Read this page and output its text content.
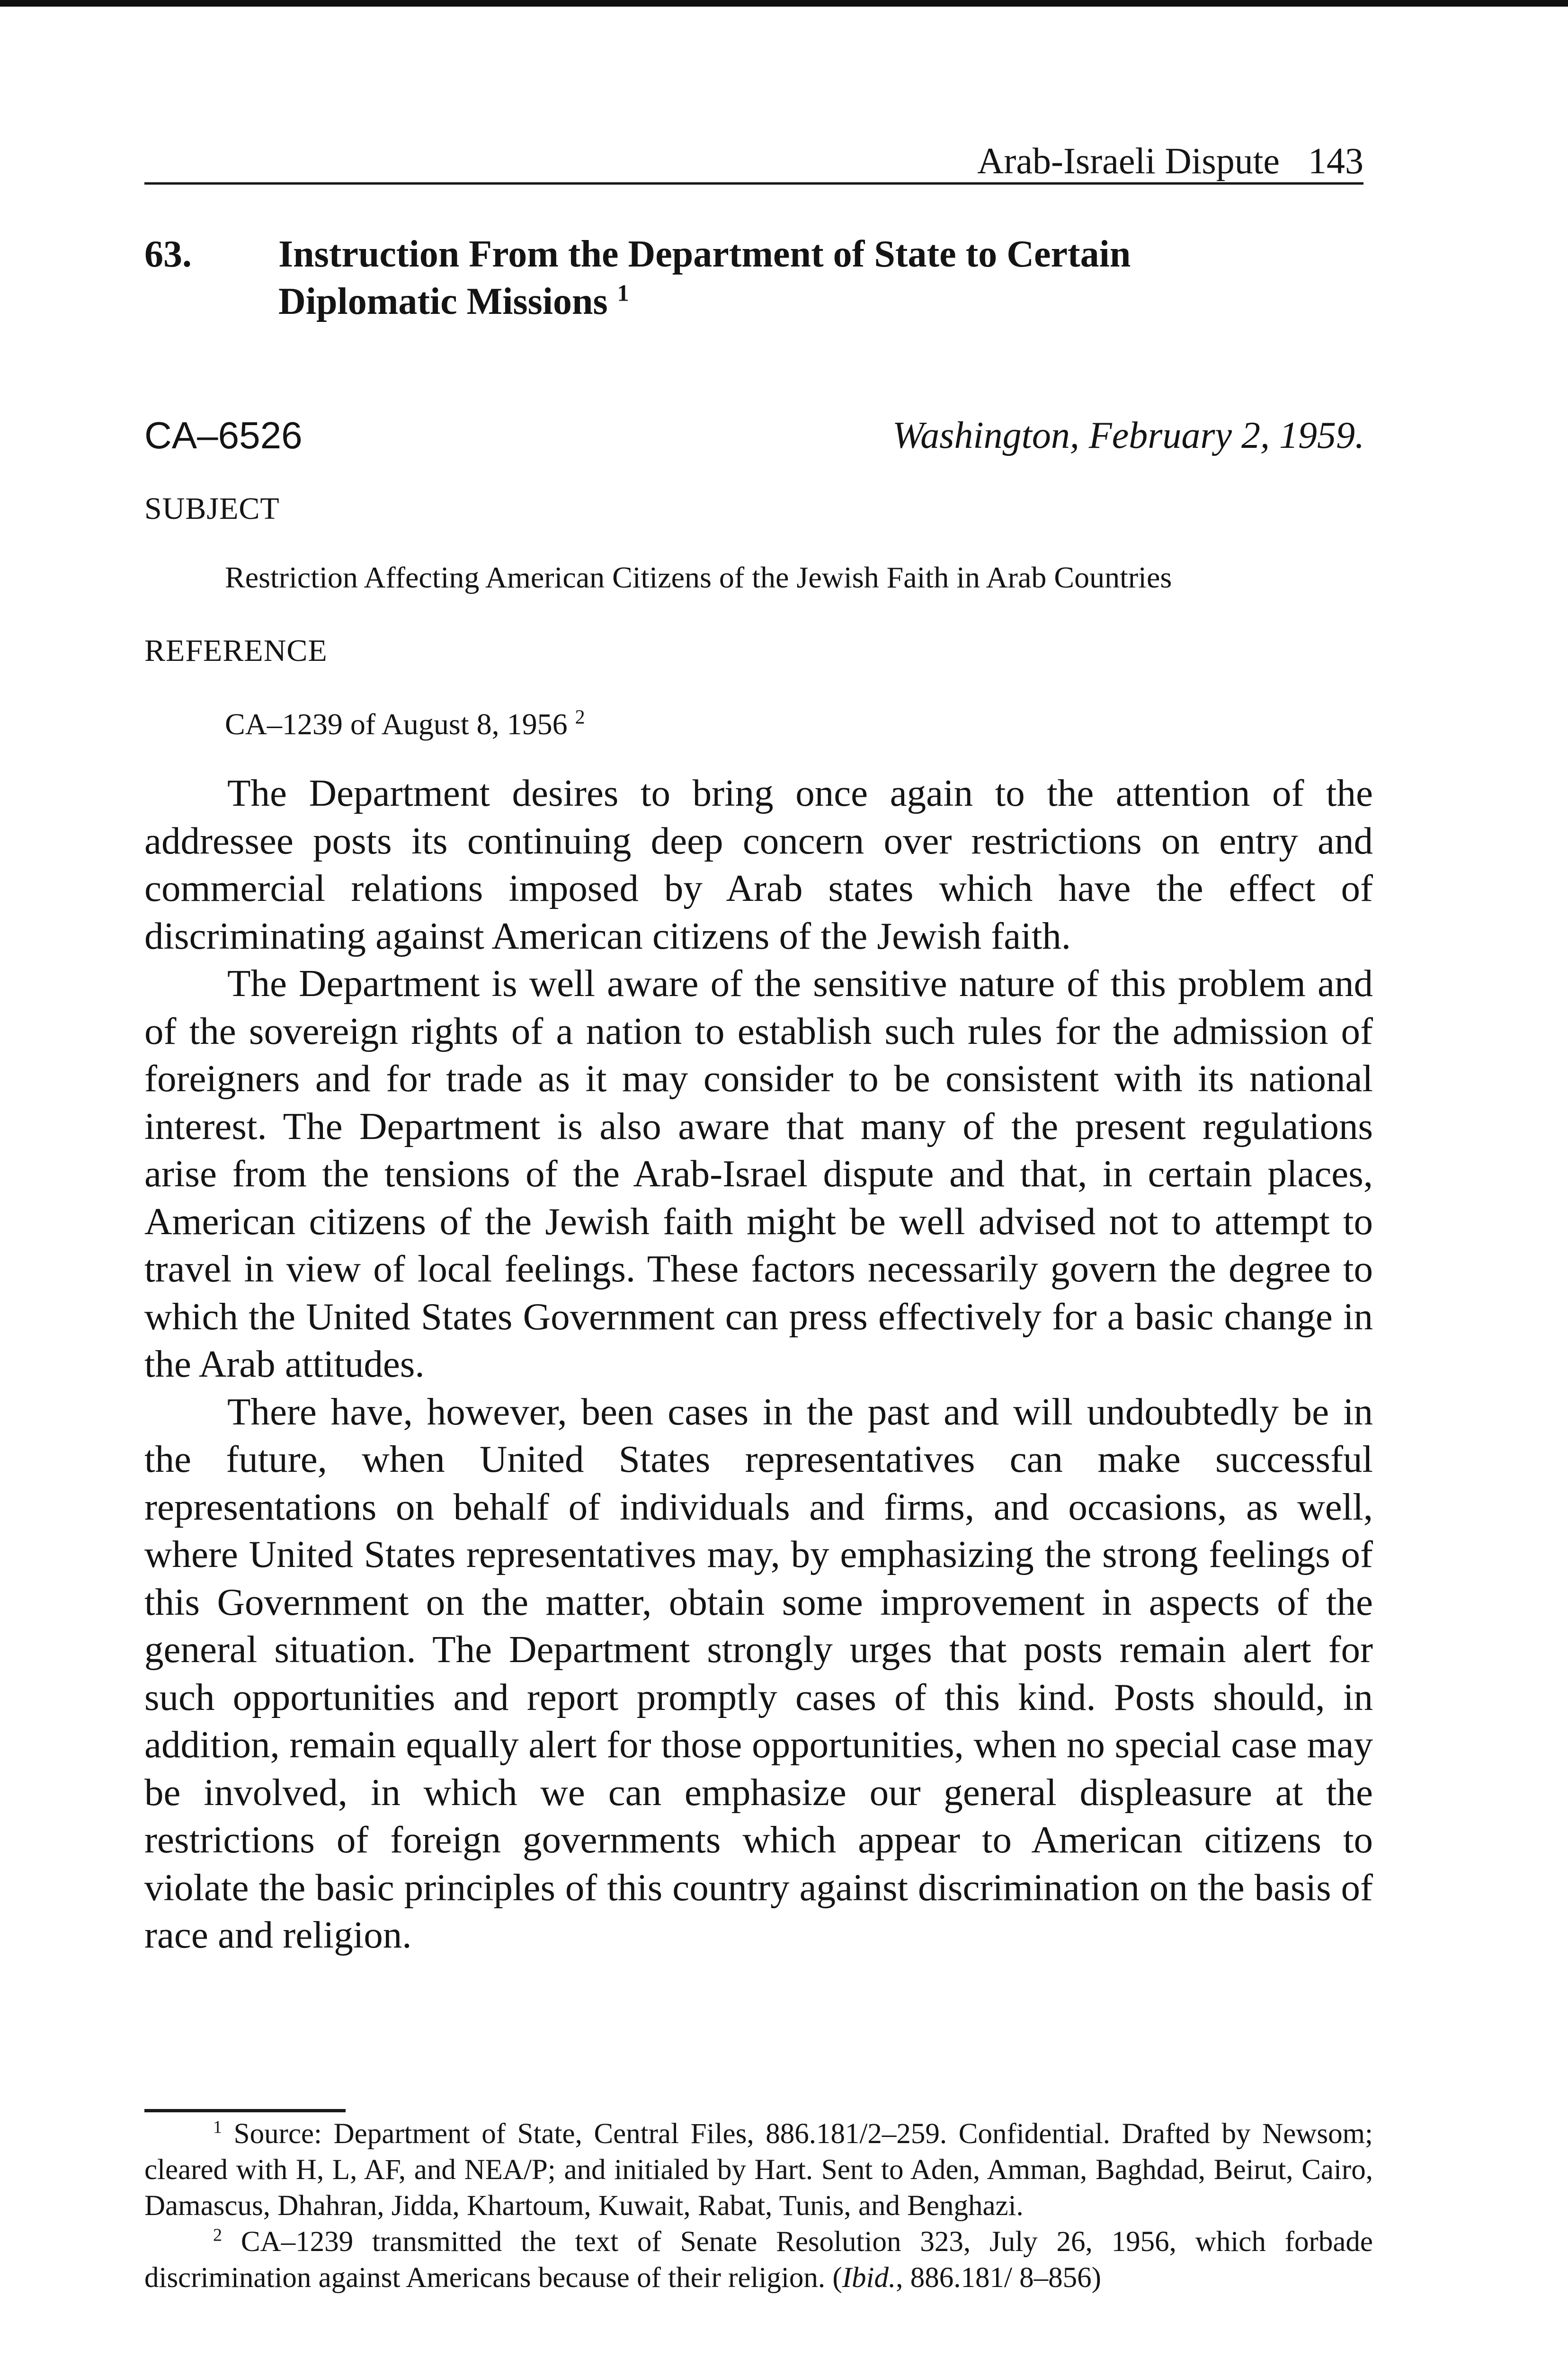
Arab-Israeli Dispute 143
63. Instruction From the Department of State to Certain
Diplomatic Missions $^1$
CA–6526	Washington, February 2, 1959.
SUBJECT
Restriction Affecting American Citizens of the Jewish Faith in Arab Countries
REFERENCE
CA–1239 of August 8, 1956 $^2$

The Department desires to bring once again to the attention of the addressee posts its continuing deep concern over restrictions on entry and commercial relations imposed by Arab states which have the effect of discriminating against American citizens of the Jewish faith.

The Department is well aware of the sensitive nature of this problem and of the sovereign rights of a nation to establish such rules for the admission of foreigners and for trade as it may consider to be consistent with its national interest. The Department is also aware that many of the present regulations arise from the tensions of the Arab-Israel dispute and that, in certain places, American citizens of the Jewish faith might be well advised not to attempt to travel in view of local feelings. These factors necessarily govern the degree to which the United States Government can press effectively for a basic change in the Arab attitudes.

There have, however, been cases in the past and will undoubtedly be in the future, when United States representatives can make successful representations on behalf of individuals and firms, and occasions, as well, where United States representatives may, by emphasizing the strong feelings of this Government on the matter, obtain some improvement in aspects of the general situation. The Department strongly urges that posts remain alert for such opportunities and report promptly cases of this kind. Posts should, in addition, remain equally alert for those opportunities, when no special case may be involved, in which we can emphasize our general displeasure at the restrictions of foreign governments which appear to American citizens to violate the basic principles of this country against discrimination on the basis of race and religion.

$^1$ Source: Department of State, Central Files, 886.181/2–259. Confidential. Drafted by Newsom; cleared with H, L, AF, and NEA/P; and initialed by Hart. Sent to Aden, Amman, Baghdad, Beirut, Cairo, Damascus, Dhahran, Jidda, Khartoum, Kuwait, Rabat, Tunis, and Benghazi.

$^2$ CA–1239 transmitted the text of Senate Resolution 323, July 26, 1956, which forbade discrimination against Americans because of their religion. (Ibid., 886.181/ 8–856)
